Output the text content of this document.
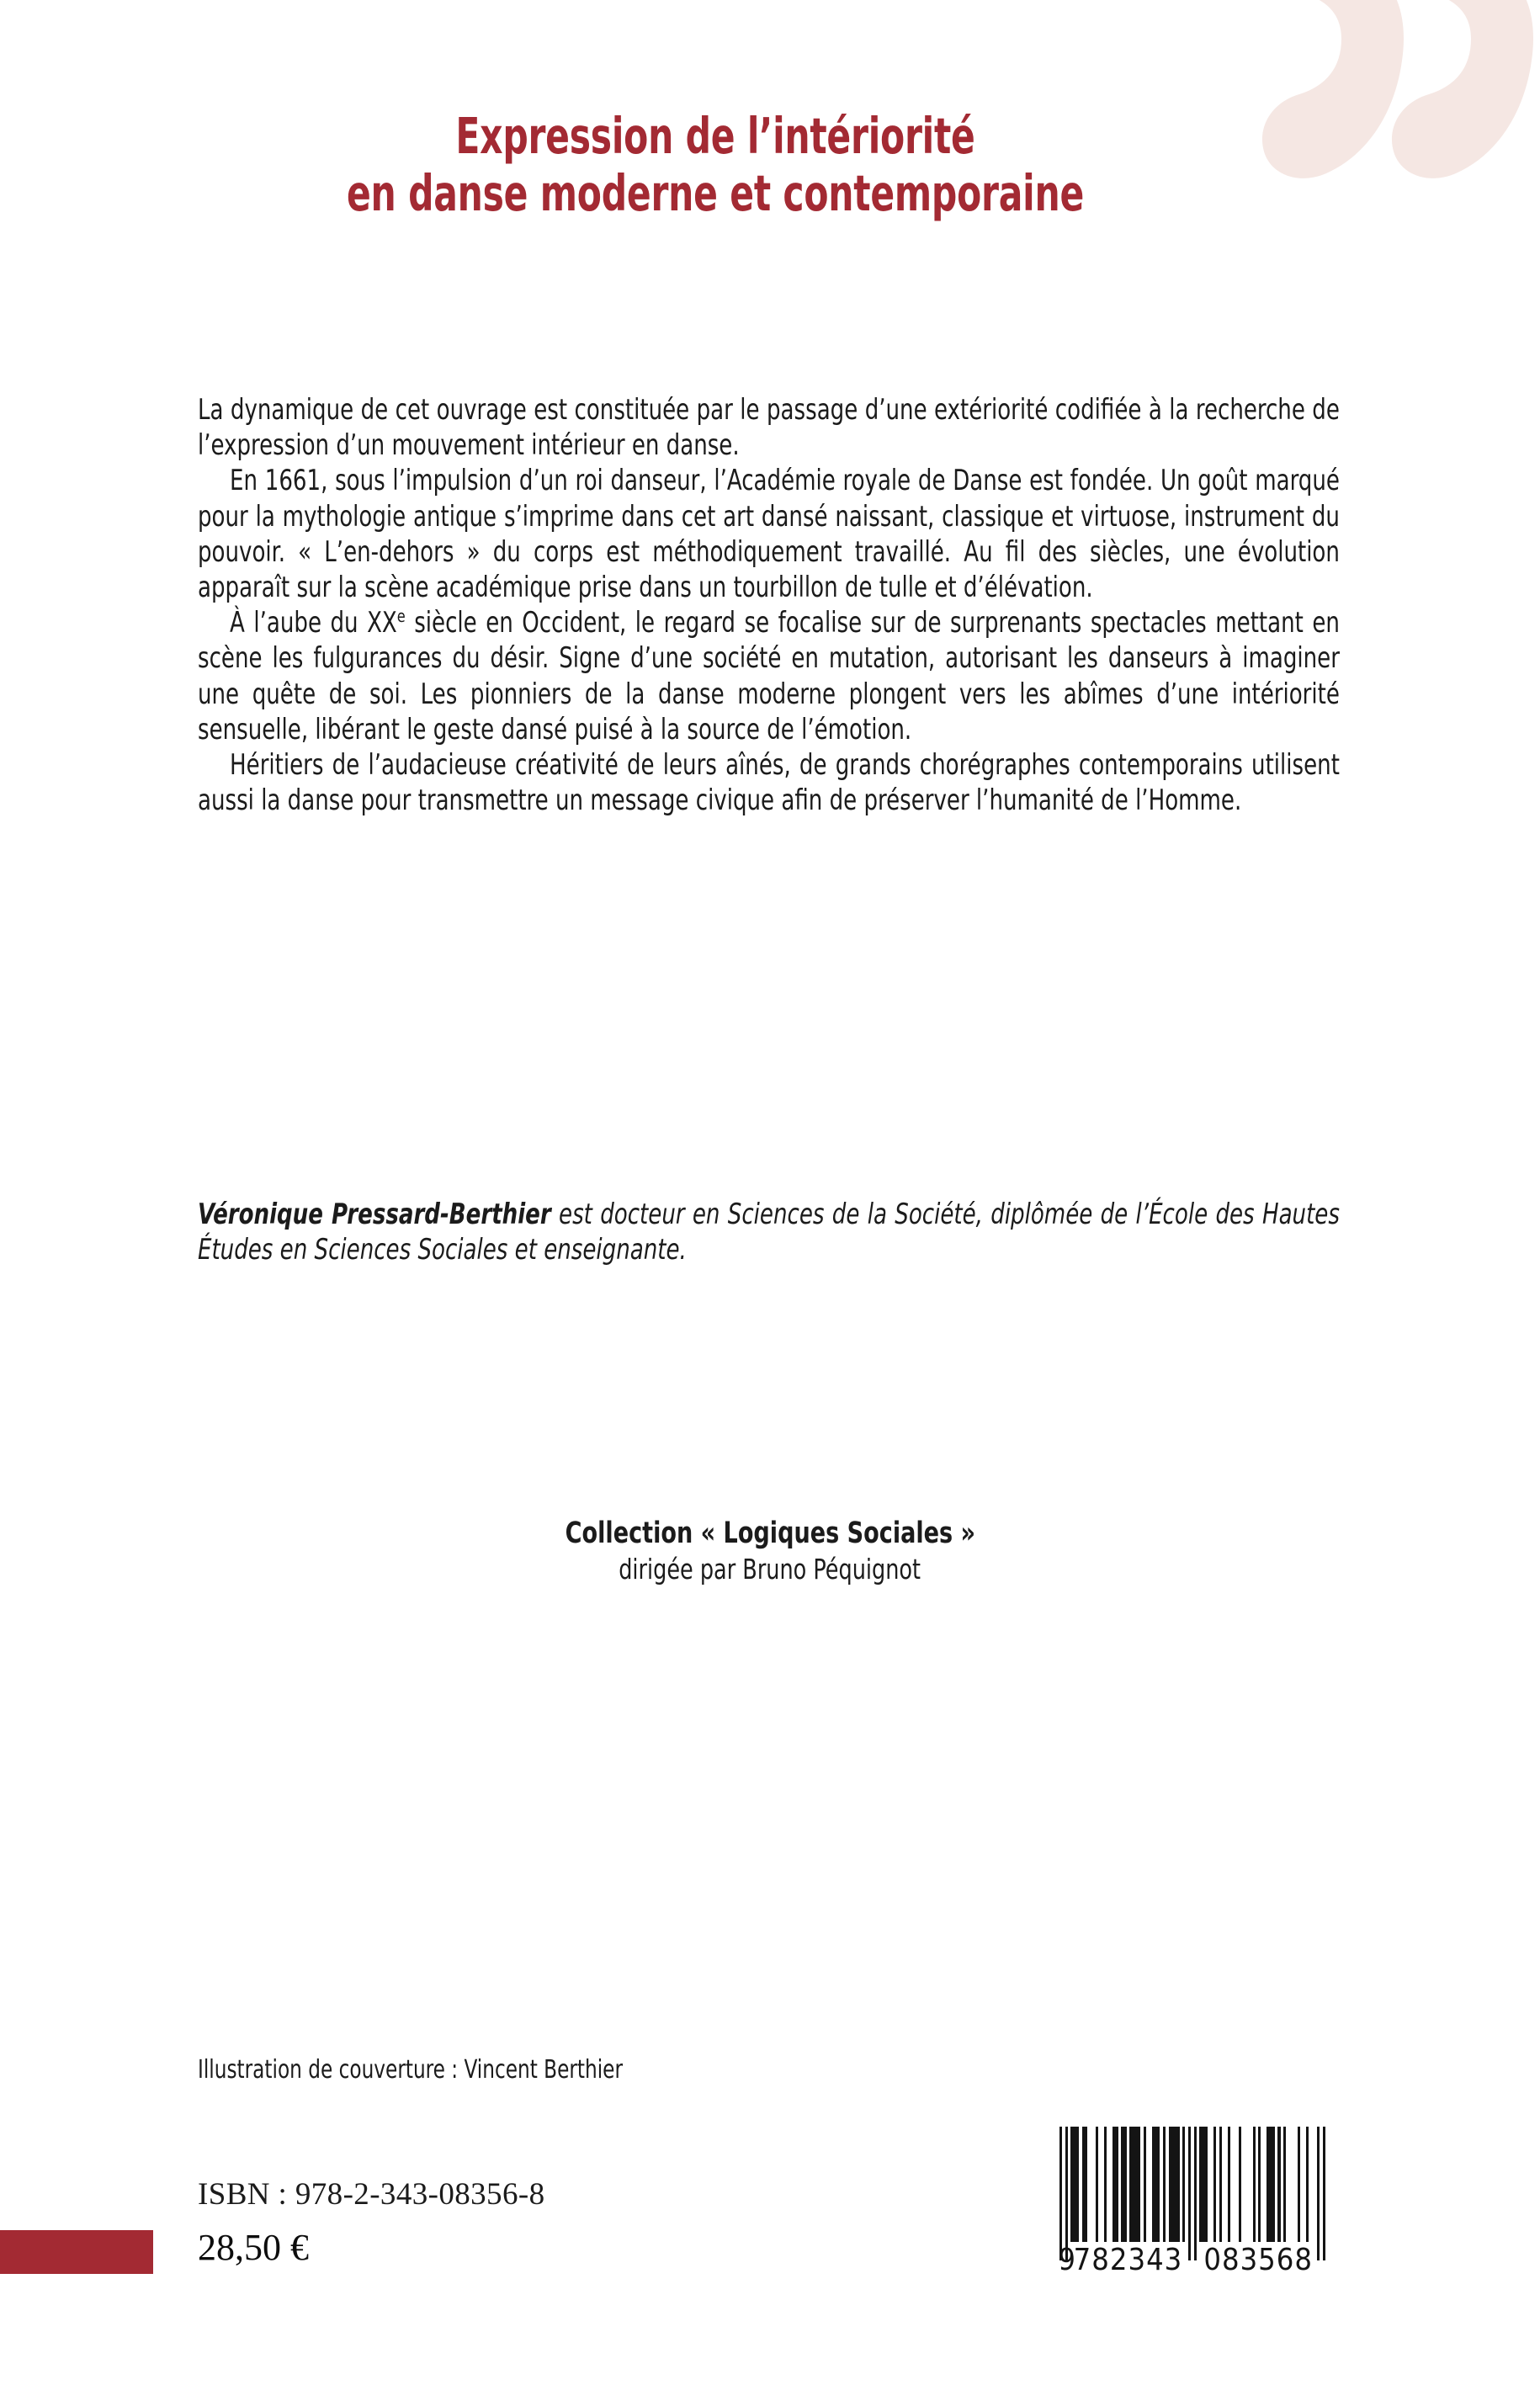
Expression de l’intériorité
en danse moderne et contemporaine

La dynamique de cet ouvrage est constituée par le passage d’une extériorité codifiée à la recherche de l’expression d’un mouvement intérieur en danse.

En 1661, sous l’impulsion d’un roi danseur, l’Académie royale de Danse est fondée. Un goût marqué pour la mythologie antique s’imprime dans cet art dansé naissant, classique et virtuose, instrument du pouvoir. « L’en-dehors » du corps est méthodiquement travaillé. Au fil des siècles, une évolution apparaît sur la scène académique prise dans un tourbillon de tulle et d’élévation.

À l’aube du XXe siècle en Occident, le regard se focalise sur de surprenants spectacles mettant en scène les fulgurances du désir. Signe d’une société en mutation, autorisant les danseurs à imaginer une quête de soi. Les pionniers de la danse moderne plongent vers les abîmes d’une intériorité sensuelle, libérant le geste dansé puisé à la source de l’émotion.

Héritiers de l’audacieuse créativité de leurs aînés, de grands chorégraphes contemporains utilisent aussi la danse pour transmettre un message civique afin de préserver l’humanité de l’Homme.

Véronique Pressard-Berthier est docteur en Sciences de la Société, diplômée de l’École des Hautes Études en Sciences Sociales et enseignante.

Collection « Logiques Sociales »
dirigée par Bruno Péquignot
Illustration de couverture : Vincent Berthier
ISBN : 978-2-343-08356-8
28,50 €	9
782343 083568
